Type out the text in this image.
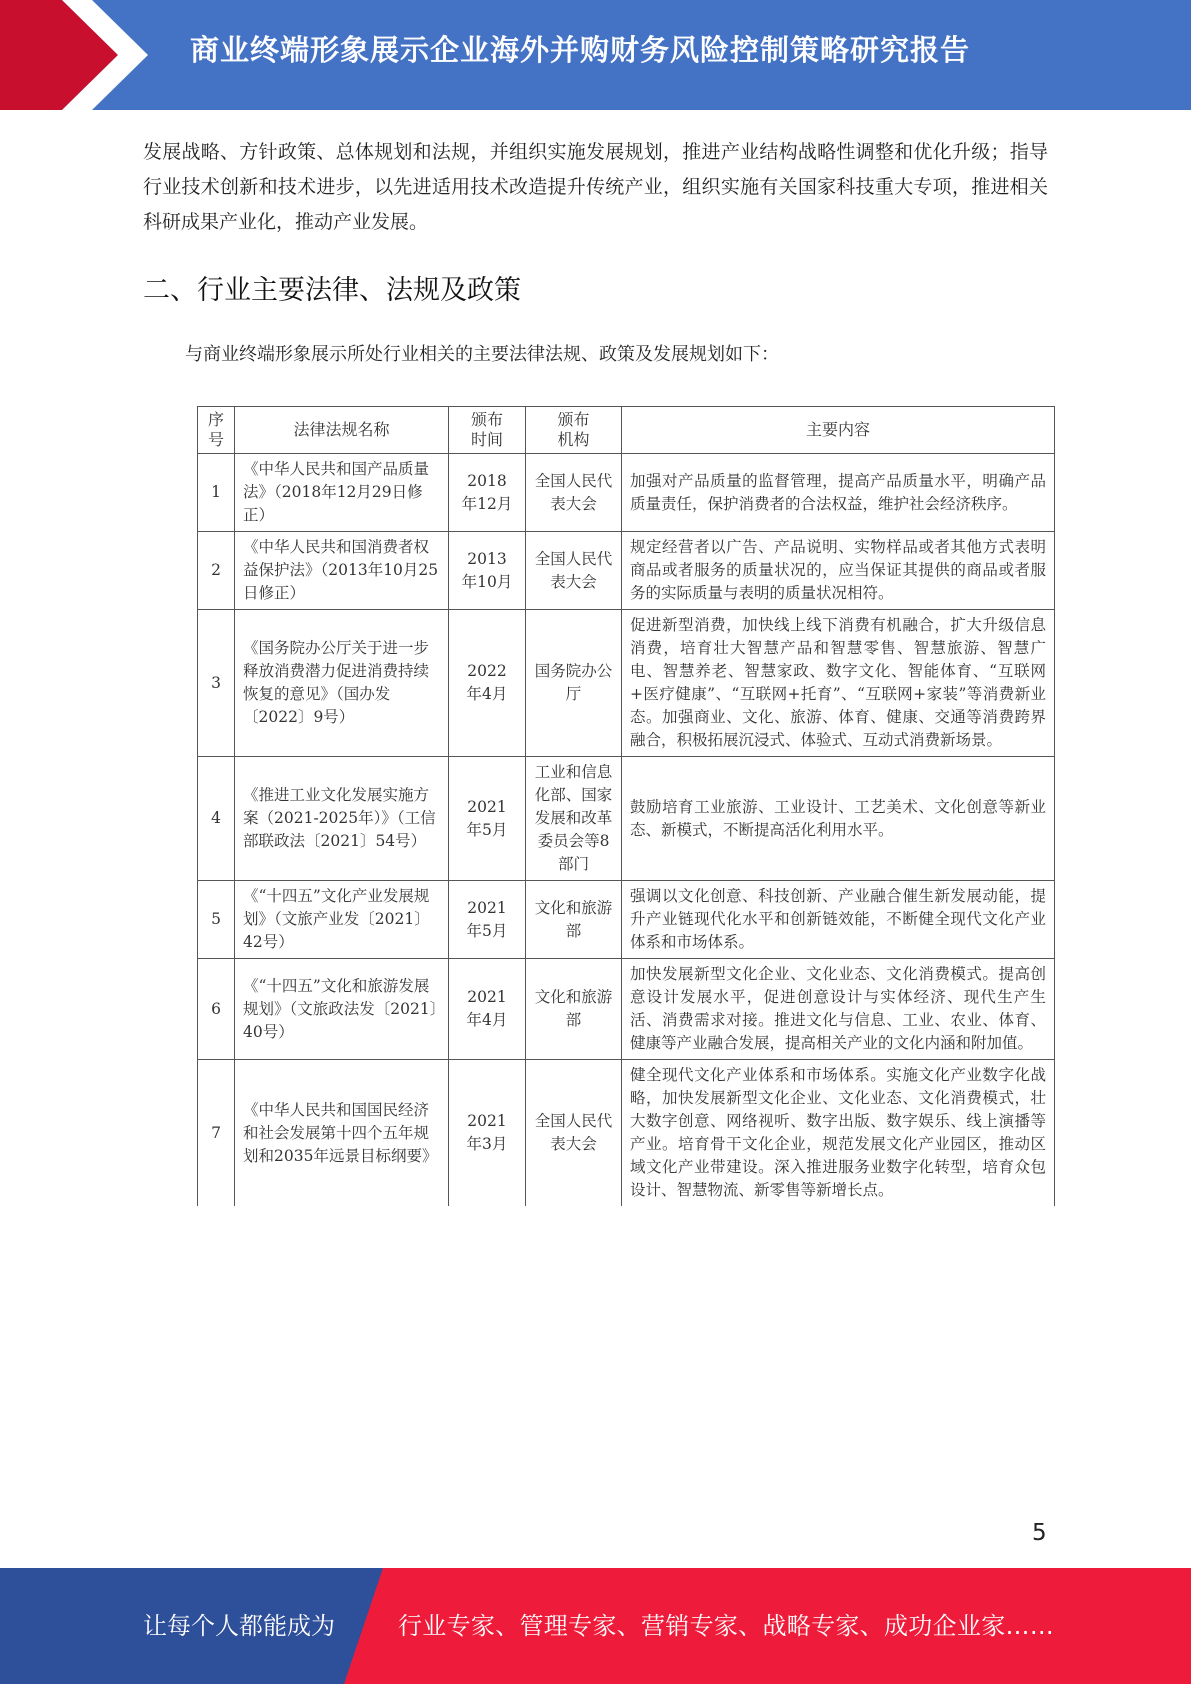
商业终端形象展示企业海外并购财务风险控制策略研究报告

发展战略、方针政策、总体规划和法规，并组织实施发展规划，推进产业结构战略性调整和优化升级；指导行业技术创新和技术进步，以先进适用技术改造提升传统产业，组织实施有关国家科技重大专项，推进相关科研成果产业化，推动产业发展。

二、行业主要法律、法规及政策

与商业终端形象展示所处行业相关的主要法律法规、政策及发展规划如下：

序号	法律法规名称	颁布时间	颁布机构	主要内容
1	《中华人民共和国产品质量法》（2018年12月29日修正）	2018年12月	全国人民代表大会	加强对产品质量的监督管理，提高产品质量水平，明确产品质量责任，保护消费者的合法权益，维护社会经济秩序。
2	《中华人民共和国消费者权益保护法》（2013年10月25日修正）	2013年10月	全国人民代表大会	规定经营者以广告、产品说明、实物样品或者其他方式表明商品或者服务的质量状况的，应当保证其提供的商品或者服务的实际质量与表明的质量状况相符。
3	《国务院办公厅关于进一步释放消费潜力促进消费持续恢复的意见》（国办发〔2022〕9号）	2022年4月	国务院办公厅	促进新型消费，加快线上线下消费有机融合，扩大升级信息消费，培育壮大智慧产品和智慧零售、智慧旅游、智慧广电、智慧养老、智慧家政、数字文化、智能体育、“互联网+医疗健康”、“互联网+托育”、“互联网+家装”等消费新业态。加强商业、文化、旅游、体育、健康、交通等消费跨界融合，积极拓展沉浸式、体验式、互动式消费新场景。
4	《推进工业文化发展实施方案（2021-2025年）》（工信部联政法〔2021〕54号）	2021年5月	工业和信息化部、国家发展和改革委员会等8部门	鼓励培育工业旅游、工业设计、工艺美术、文化创意等新业态、新模式，不断提高活化利用水平。
5	《“十四五”文化产业发展规划》（文旅产业发〔2021〕42号）	2021年5月	文化和旅游部	强调以文化创意、科技创新、产业融合催生新发展动能，提升产业链现代化水平和创新链效能，不断健全现代文化产业体系和市场体系。
6	《“十四五”文化和旅游发展规划》（文旅政法发〔2021〕40号）	2021年4月	文化和旅游部	加快发展新型文化企业、文化业态、文化消费模式。提高创意设计发展水平，促进创意设计与实体经济、现代生产生活、消费需求对接。推进文化与信息、工业、农业、体育、健康等产业融合发展，提高相关产业的文化内涵和附加值。
7	《中华人民共和国国民经济和社会发展第十四个五年规划和2035年远景目标纲要》	2021年3月	全国人民代表大会	健全现代文化产业体系和市场体系。实施文化产业数字化战略，加快发展新型文化企业、文化业态、文化消费模式，壮大数字创意、网络视听、数字出版、数字娱乐、线上演播等产业。培育骨干文化企业，规范发展文化产业园区，推动区域文化产业带建设。深入推进服务业数字化转型，培育众包设计、智慧物流、新零售等新增长点。
5
让每个人都能成为	行业专家、管理专家、营销专家、战略专家、成功企业家……
